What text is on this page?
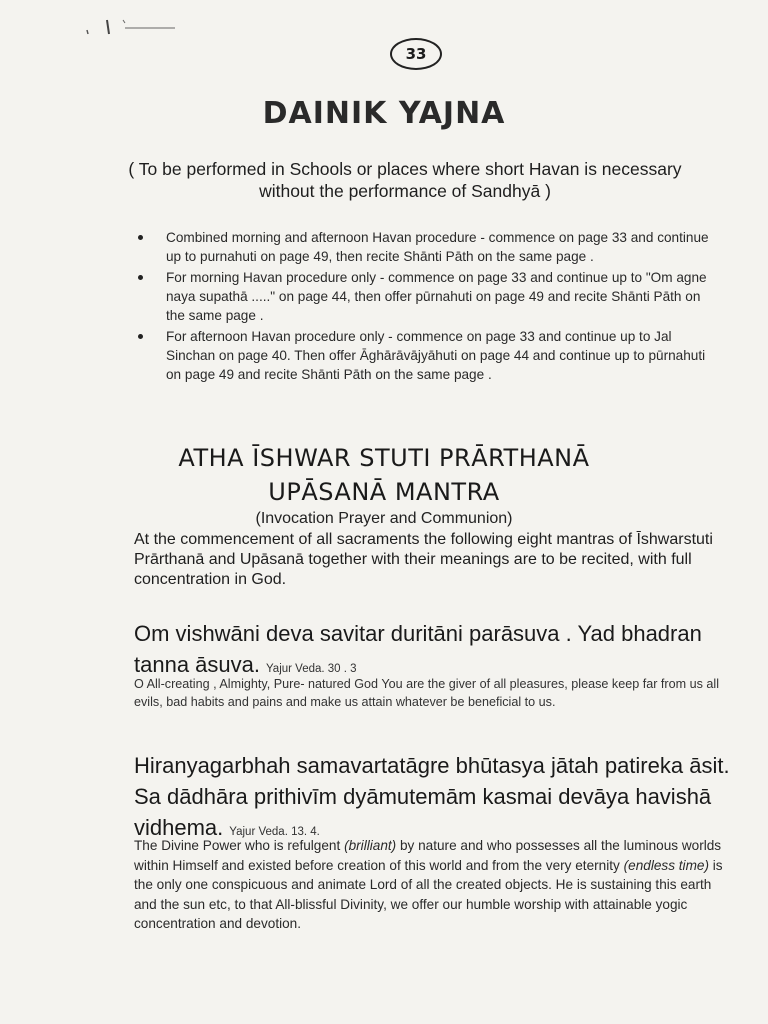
33
DAINIK YAJNA
( To be performed in Schools or places where short Havan is necessary without the performance of Sandhyā )
Combined morning and afternoon Havan procedure - commence on page 33 and continue up to purnahuti on page 49, then recite Shānti Pāth on the same page .
For morning Havan procedure only - commence on page 33 and continue up to "Om agne naya supathā ....." on page 44, then offer pūrnahuti on page 49 and recite Shānti Pāth on the same page .
For afternoon Havan procedure only - commence on page 33 and continue up to Jal Sinchan on page 40. Then offer Āghārāvājyāhuti on page 44 and continue up to pūrnahuti on page 49 and recite Shānti Pāth on the same page .
ATHA ĪSHWAR STUTI PRĀRTHANĀ
UPĀSANĀ MANTRA
(Invocation Prayer and Communion)
At the commencement of all sacraments the following eight mantras of Īshwarstuti Prārthanā and Upāsanā together with their meanings are to be recited, with full concentration in God.
Om vishwāni deva savitar duritāni parāsuva . Yad bhadran tanna āsuva. Yajur Veda. 30 . 3
O All-creating , Almighty, Pure- natured God You are the giver of all pleasures, please keep far from us all evils, bad habits and pains and make us attain whatever be beneficial to us.
Hiranyagarbhah samavartatāgre bhūtasya jātah patireka āsit. Sa dādhāra prithivīm dyāmutemām kasmai devāya havishā vidhema. Yajur Veda. 13. 4.
The Divine Power who is refulgent (brilliant) by nature and who possesses all the luminous worlds within Himself and existed before creation of this world and from the very eternity (endless time) is the only one conspicuous and animate Lord of all the created objects. He is sustaining this earth and the sun etc, to that All-blissful Divinity, we offer our humble worship with attainable yogic concentration and devotion.
